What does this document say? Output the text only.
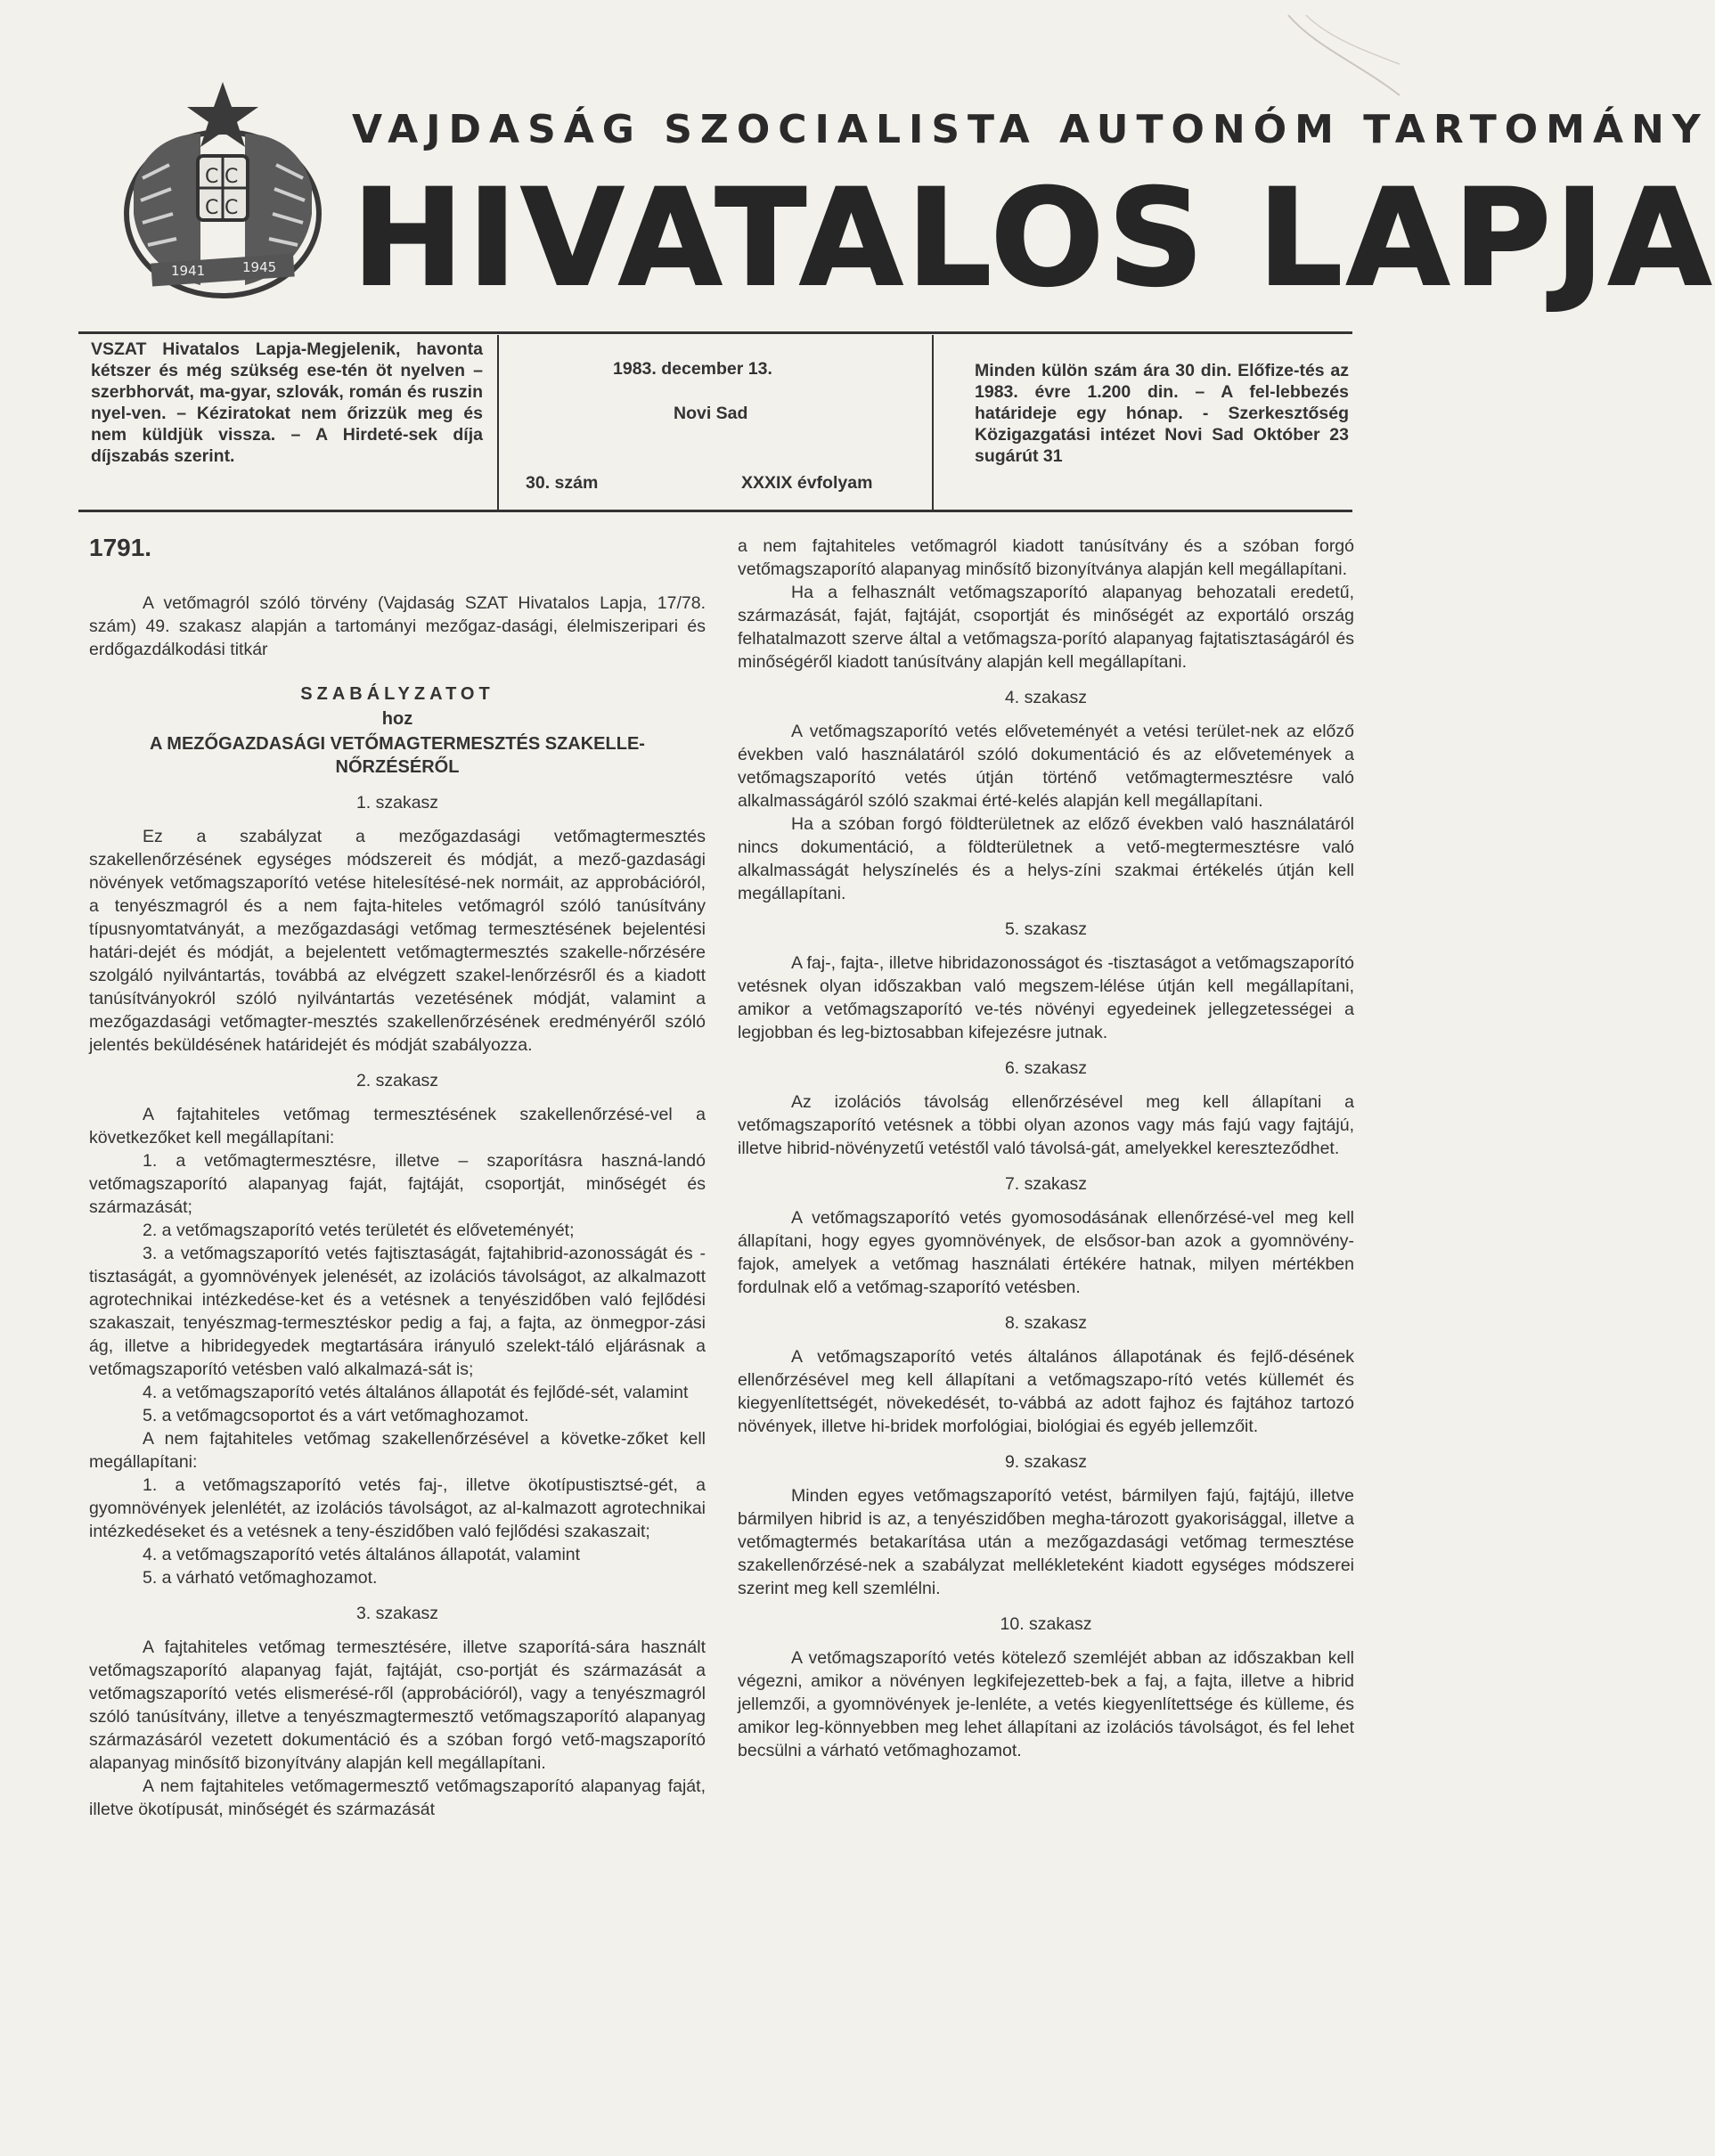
С С
С С
1941	1945
VAJDASÁG SZOCIALISTA AUTONÓM TARTOMÁNY
HIVATALOS LAPJA
VSZAT Hivatalos Lapja-Megjelenik, havonta kétszer és még szükség ese-tén öt nyelven – szerbhorvát, ma-gyar, szlovák, román és ruszin nyel-ven. – Kéziratokat nem őrizzük meg és nem küldjük vissza. – A Hirdeté-sek díja díjszabás szerint.
1983. december 13.
Novi Sad
30. szám	XXXIX évfolyam
Minden külön szám ára 30 din. Előfize-tés az 1983. évre 1.200 din. – A fel-lebbezés határideje egy hónap. - Szerkesztőség Közigazgatási intézet Novi Sad Október 23 sugárút 31
1791.

A vetőmagról szóló törvény (Vajdaság SZAT Hivatalos Lapja, 17/78. szám) 49. szakasz alapján a tartományi mezőgaz-dasági, élelmiszeripari és erdőgazdálkodási titkár

SZABÁLYZATOT
hoz
A MEZŐGAZDASÁGI VETŐMAGTERMESZTÉS SZAKELLE-NŐRZÉSÉRŐL
1. szakasz

Ez a szabályzat a mezőgazdasági vetőmagtermesztés szakellenőrzésének egységes módszereit és módját, a mező-gazdasági növények vetőmagszaporító vetése hitelesítésé-nek normáit, az approbációról, a tenyészmagról és a nem fajta-hiteles vetőmagról szóló tanúsítvány típusnyomtatványát, a mezőgazdasági vetőmag termesztésének bejelentési határi-dejét és módját, a bejelentett vetőmagtermesztés szakelle-nőrzésére szolgáló nyilvántartás, továbbá az elvégzett szakel-lenőrzésről és a kiadott tanúsítványokról szóló nyilvántartás vezetésének módját, valamint a mezőgazdasági vetőmagter-mesztés szakellenőrzésének eredményéről szóló jelentés beküldésének határidejét és módját szabályozza.

2. szakasz

A fajtahiteles vetőmag termesztésének szakellenőrzésé-vel a következőket kell megállapítani:

1. a vetőmagtermesztésre, illetve – szaporításra haszná-landó vetőmagszaporító alapanyag faját, fajtáját, csoportját, minőségét és származását;

2. a vetőmagszaporító vetés területét és előveteményét;

3. a vetőmagszaporító vetés fajtisztaságát, fajtahibrid-azonosságát és -tisztaságát, a gyomnövények jelenését, az izolációs távolságot, az alkalmazott agrotechnikai intézkedése-ket és a vetésnek a tenyészidőben való fejlődési szakaszait, tenyészmag-termesztéskor pedig a faj, a fajta, az önmegpor-zási ág, illetve a hibridegyedek megtartására irányuló szelekt-táló eljárásnak a vetőmagszaporító vetésben való alkalmazá-sát is;

4. a vetőmagszaporító vetés általános állapotát és fejlődé-sét, valamint

5. a vetőmagcsoportot és a várt vetőmaghozamot.

A nem fajtahiteles vetőmag szakellenőrzésével a követke-zőket kell megállapítani:

1. a vetőmagszaporító vetés faj-, illetve ökotípustisztsé-gét, a gyomnövények jelenlétét, az izolációs távolságot, az al-kalmazott agrotechnikai intézkedéseket és a vetésnek a teny-észidőben való fejlődési szakaszait;

4. a vetőmagszaporító vetés általános állapotát, valamint

5. a várható vetőmaghozamot.

3. szakasz

A fajtahiteles vetőmag termesztésére, illetve szaporítá-sára használt vetőmagszaporító alapanyag faját, fajtáját, cso-portját és származását a vetőmagszaporító vetés elismerésé-ről (approbációról), vagy a tenyészmagról szóló tanúsítvány, illetve a tenyészmagtermesztő vetőmagszaporító alapanyag származásáról vezetett dokumentáció és a szóban forgó vető-magszaporító alapanyag minősítő bizonyítvány alapján kell megállapítani.

A nem fajtahiteles vetőmagermesztő vetőmagszaporító alapanyag faját, illetve ökotípusát, minőségét és származását

a nem fajtahiteles vetőmagról kiadott tanúsítvány és a szóban forgó vetőmagszaporító alapanyag minősítő bizonyítványa alapján kell megállapítani.

Ha a felhasznált vetőmagszaporító alapanyag behozatali eredetű, származását, faját, fajtáját, csoportját és minőségét az exportáló ország felhatalmazott szerve által a vetőmagsza-porító alapanyag fajtatisztaságáról és minőségéről kiadott tanúsítvány alapján kell megállapítani.

4. szakasz

A vetőmagszaporító vetés előveteményét a vetési terület-nek az előző években való használatáról szóló dokumentáció és az elővetemények a vetőmagszaporító vetés útján történő vetőmagtermesztésre való alkalmasságáról szóló szakmai érté-kelés alapján kell megállapítani.

Ha a szóban forgó földterületnek az előző években való használatáról nincs dokumentáció, a földterületnek a vető-megtermesztésre való alkalmasságát helyszínelés és a helys-zíni szakmai értékelés útján kell megállapítani.

5. szakasz

A faj-, fajta-, illetve hibridazonosságot és -tisztaságot a vetőmagszaporító vetésnek olyan időszakban való megszem-lélése útján kell megállapítani, amikor a vetőmagszaporító ve-tés növényi egyedeinek jellegzetességei a legjobban és leg-biztosabban kifejezésre jutnak.

6. szakasz

Az izolációs távolság ellenőrzésével meg kell állapítani a vetőmagszaporító vetésnek a többi olyan azonos vagy más fajú vagy fajtájú, illetve hibrid-növényzetű vetéstől való távolsá-gát, amelyekkel kereszteződhet.

7. szakasz

A vetőmagszaporító vetés gyomosodásának ellenőrzésé-vel meg kell állapítani, hogy egyes gyomnövények, de elsősor-ban azok a gyomnövény-fajok, amelyek a vetőmag használati értékére hatnak, milyen mértékben fordulnak elő a vetőmag-szaporító vetésben.

8. szakasz

A vetőmagszaporító vetés általános állapotának és fejlő-désének ellenőrzésével meg kell állapítani a vetőmagszapo-rító vetés küllemét és kiegyenlítettségét, növekedését, to-vábbá az adott fajhoz és fajtához tartozó növények, illetve hi-bridek morfológiai, biológiai és egyéb jellemzőit.

9. szakasz

Minden egyes vetőmagszaporító vetést, bármilyen fajú, fajtájú, illetve bármilyen hibrid is az, a tenyészidőben megha-tározott gyakorisággal, illetve a vetőmagtermés betakarítása után a mezőgazdasági vetőmag termesztése szakellenőrzésé-nek a szabályzat mellékleteként kiadott egységes módszerei szerint meg kell szemlélni.

10. szakasz

A vetőmagszaporító vetés kötelező szemléjét abban az időszakban kell végezni, amikor a növényen legkifejezetteb-bek a faj, a fajta, illetve a hibrid jellemzői, a gyomnövények je-lenléte, a vetés kiegyenlítettsége és külleme, és amikor leg-könnyebben meg lehet állapítani az izolációs távolságot, és fel lehet becsülni a várható vetőmaghozamot.
